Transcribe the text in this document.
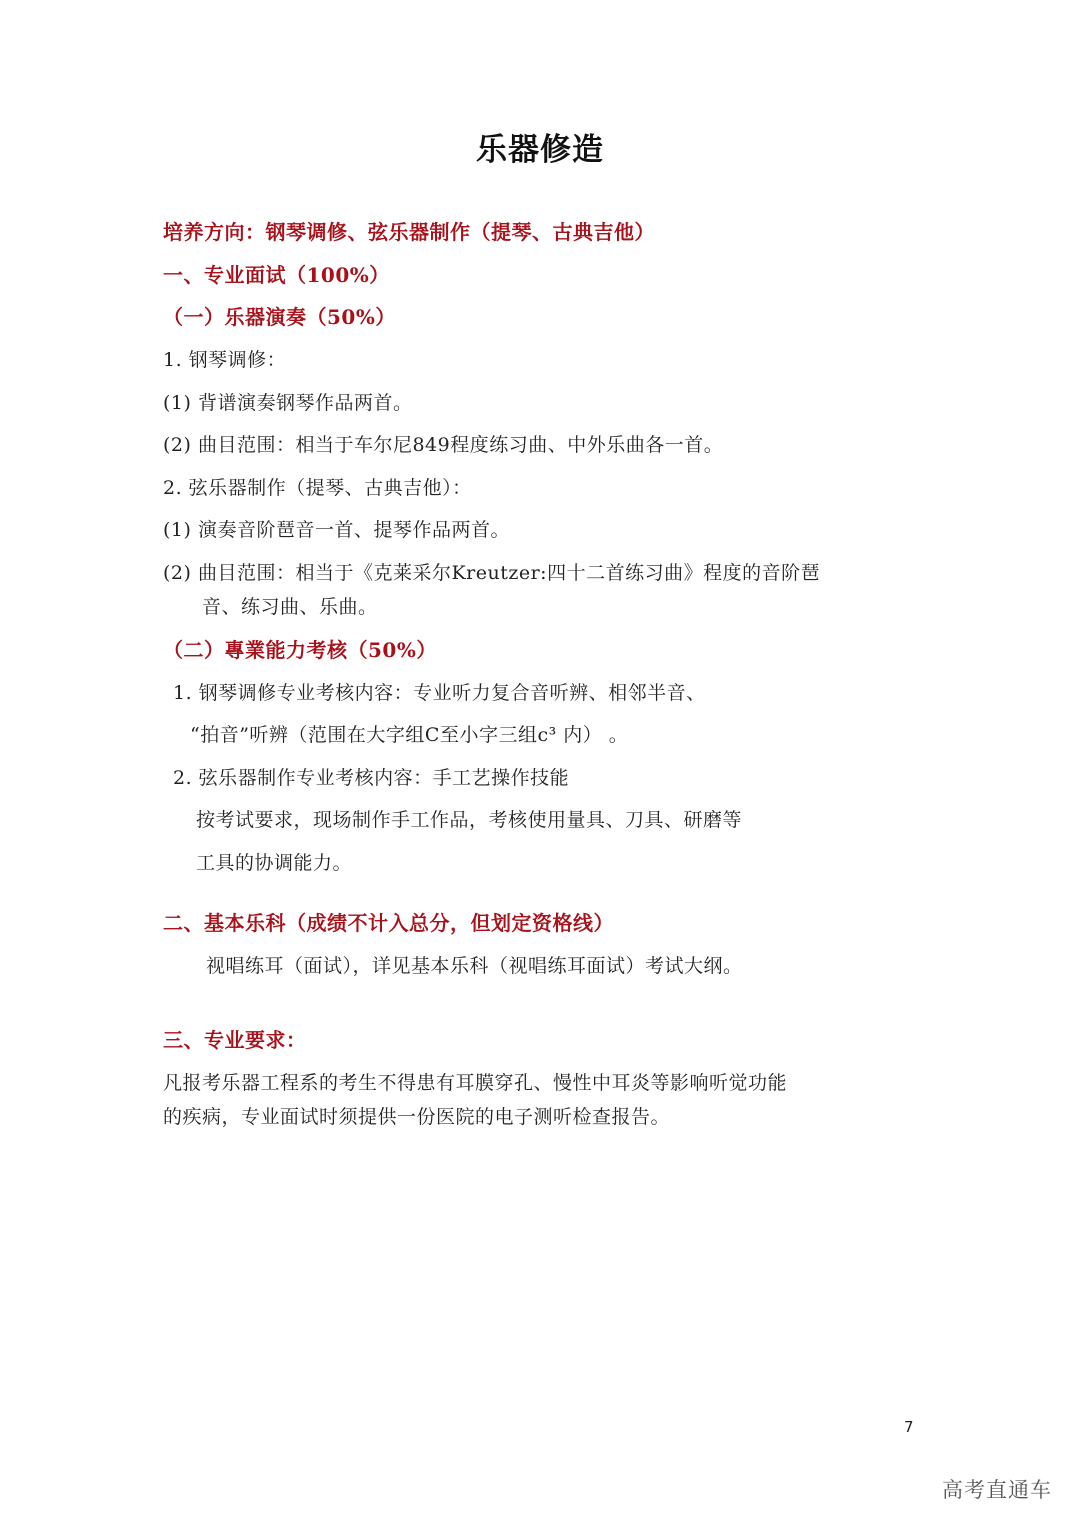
乐器修造
培养方向：钢琴调修、弦乐器制作（提琴、古典吉他）
一、专业面试（100%）
（一）乐器演奏（50%）
1. 钢琴调修：
(1) 背谱演奏钢琴作品两首。
(2) 曲目范围：相当于车尔尼849程度练习曲、中外乐曲各一首。
2. 弦乐器制作（提琴、古典吉他）：
(1) 演奏音阶琶音一首、提琴作品两首。
(2) 曲目范围：相当于《克莱采尔Kreutzer:四十二首练习曲》程度的音阶琶
音、练习曲、乐曲。
（二）專業能力考核（50%）
1. 钢琴调修专业考核内容：专业听力复合音听辨、相邻半音、
“拍音”听辨（范围在大字组C至小字三组c³ 内） 。
2. 弦乐器制作专业考核内容：手工艺操作技能
按考试要求，现场制作手工作品，考核使用量具、刀具、研磨等
工具的协调能力。
二、基本乐科（成绩不计入总分，但划定资格线）
视唱练耳（面试），详见基本乐科（视唱练耳面试）考试大纲。
三、专业要求：
凡报考乐器工程系的考生不得患有耳膜穿孔、慢性中耳炎等影响听觉功能
的疾病，专业面试时须提供一份医院的电子测听检查报告。
7
高考直通车
